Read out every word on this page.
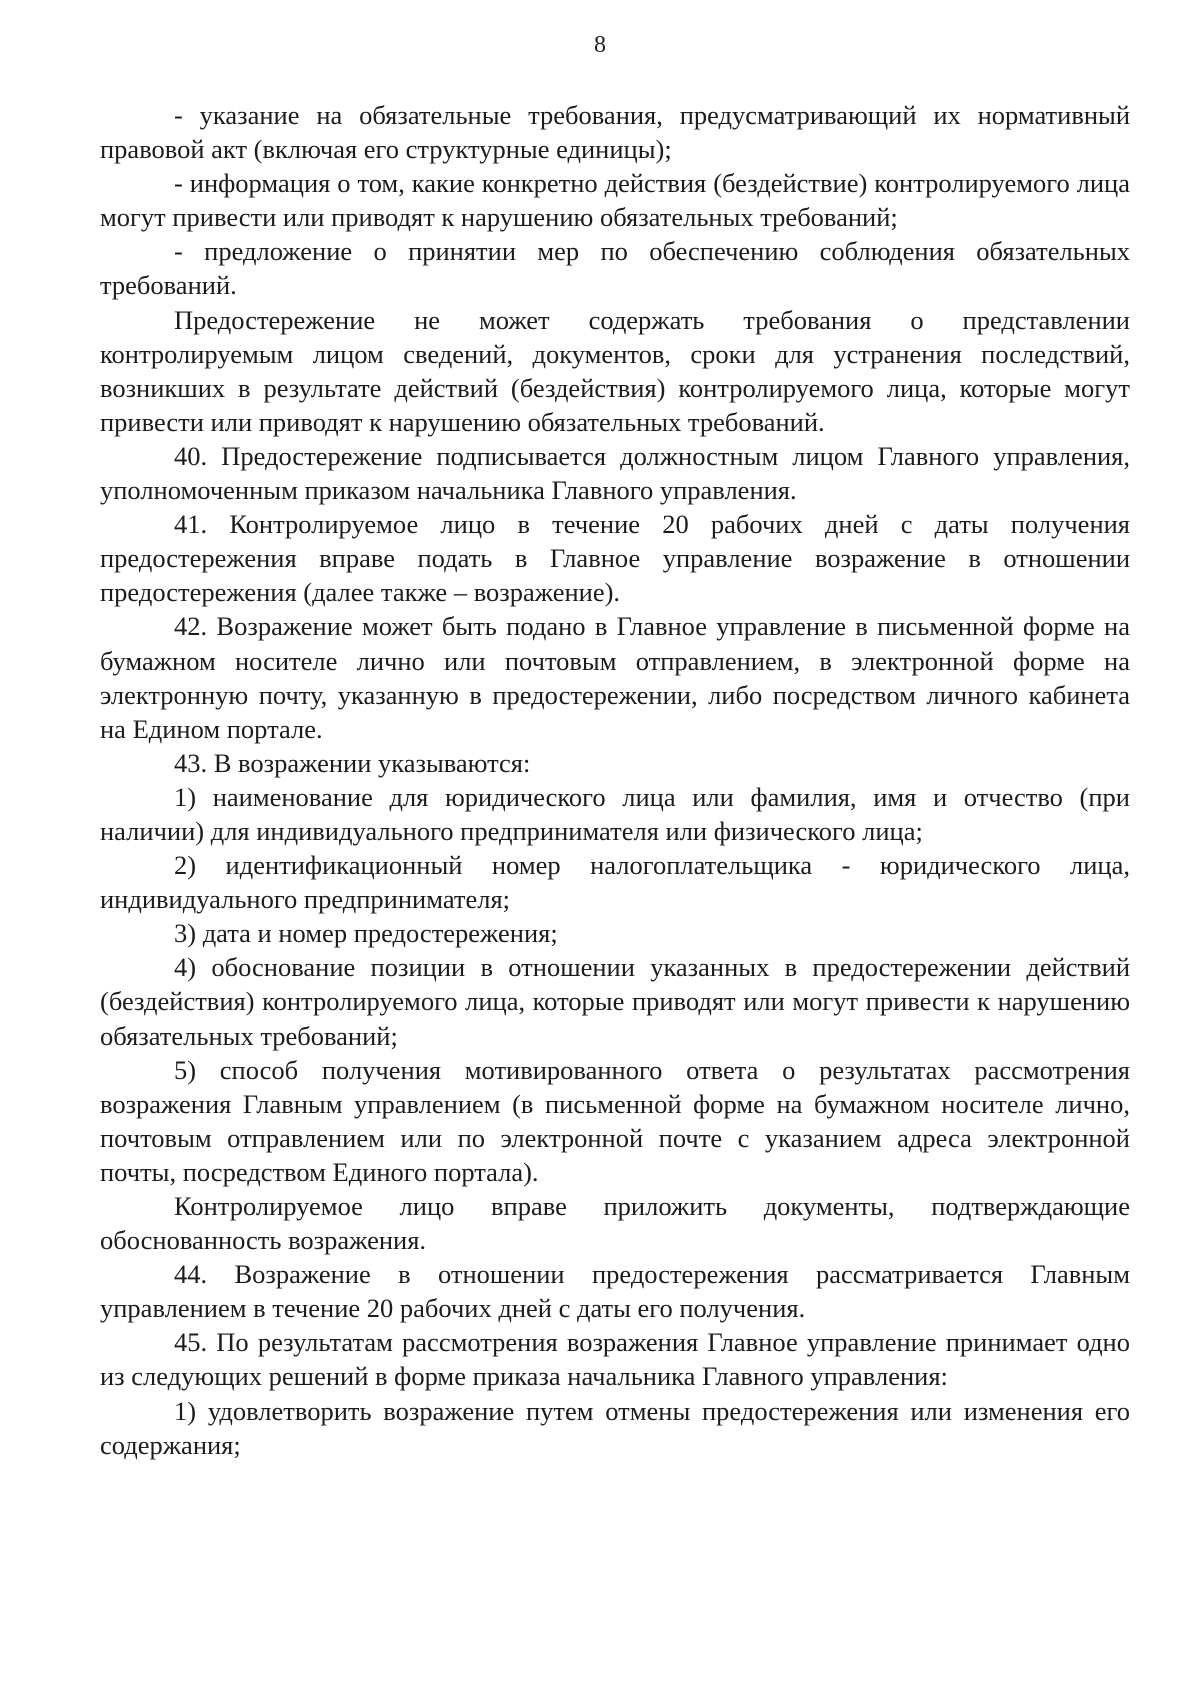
8

- указание на обязательные требования, предусматривающий их нормативный правовой акт (включая его структурные единицы);

- информация о том, какие конкретно действия (бездействие) контролируемого лица могут привести или приводят к нарушению обязательных требований;

- предложение о принятии мер по обеспечению соблюдения обязательных требований.

Предостережение не может содержать требования о представлении контролируемым лицом сведений, документов, сроки для устранения последствий, возникших в результате действий (бездействия) контролируемого лица, которые могут привести или приводят к нарушению обязательных требований.

40. Предостережение подписывается должностным лицом Главного управления, уполномоченным приказом начальника Главного управления.

41. Контролируемое лицо в течение 20 рабочих дней с даты получения предостережения вправе подать в Главное управление возражение в отношении предостережения (далее также – возражение).

42. Возражение может быть подано в Главное управление в письменной форме на бумажном носителе лично или почтовым отправлением, в электронной форме на электронную почту, указанную в предостережении, либо посредством личного кабинета на Едином портале.

43. В возражении указываются:

1) наименование для юридического лица или фамилия, имя и отчество (при наличии) для индивидуального предпринимателя или физического лица;

2) идентификационный номер налогоплательщика - юридического лица, индивидуального предпринимателя;

3) дата и номер предостережения;

4) обоснование позиции в отношении указанных в предостережении действий (бездействия) контролируемого лица, которые приводят или могут привести к нарушению обязательных требований;

5) способ получения мотивированного ответа о результатах рассмотрения возражения Главным управлением (в письменной форме на бумажном носителе лично, почтовым отправлением или по электронной почте с указанием адреса электронной почты, посредством Единого портала).

Контролируемое лицо вправе приложить документы, подтверждающие обоснованность возражения.

44. Возражение в отношении предостережения рассматривается Главным управлением в течение 20 рабочих дней с даты его получения.

45. По результатам рассмотрения возражения Главное управление принимает одно из следующих решений в форме приказа начальника Главного управления:

1) удовлетворить возражение путем отмены предостережения или изменения его содержания;
